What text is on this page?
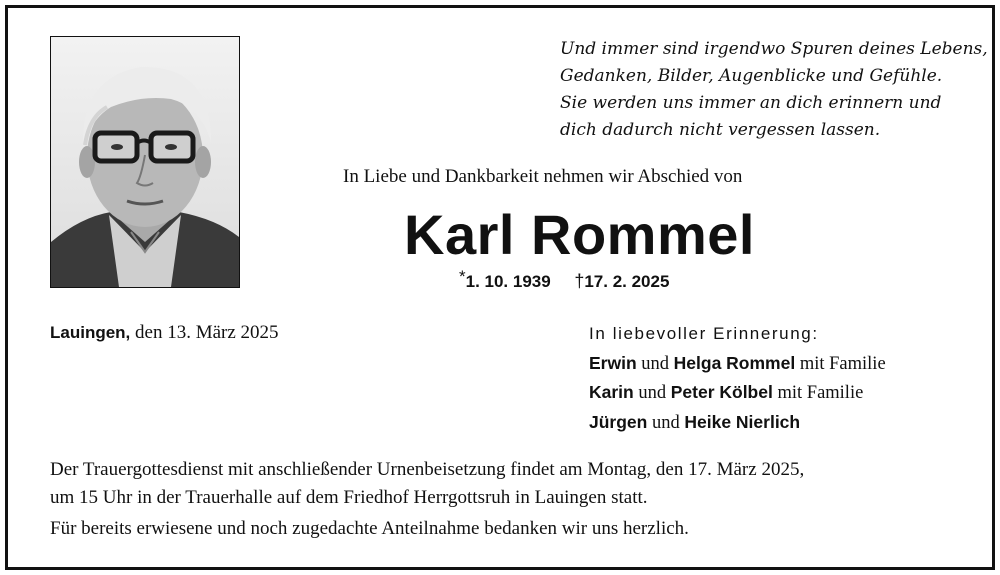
Und immer sind irgendwo Spuren deines Lebens,
Gedanken, Bilder, Augenblicke und Gefühle.
Sie werden uns immer an dich erinnern und
dich dadurch nicht vergessen lassen.
In Liebe und Dankbarkeit nehmen wir Abschied von
Karl Rommel
*1. 10. 1939 †17. 2. 2025
Lauingen, den 13. März 2025	In liebevoller Erinnerung:
Erwin und Helga Rommel mit Familie
Karin und Peter Kölbel mit Familie
Jürgen und Heike Nierlich
Der Trauergottesdienst mit anschließender Urnenbeisetzung findet am Montag, den 17. März 2025,
um 15 Uhr in der Trauerhalle auf dem Friedhof Herrgottsruh in Lauingen statt.
Für bereits erwiesene und noch zugedachte Anteilnahme bedanken wir uns herzlich.
